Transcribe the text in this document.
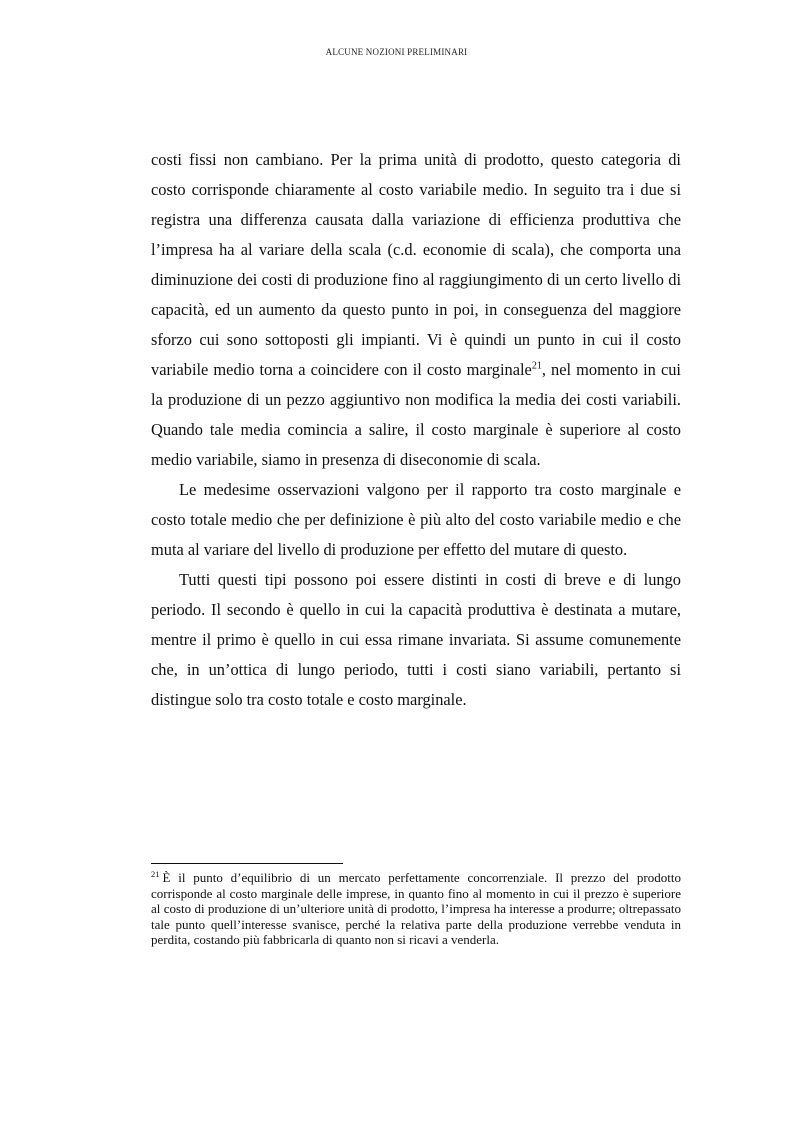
ALCUNE NOZIONI PRELIMINARI

costi fissi non cambiano. Per la prima unità di prodotto, questo categoria di costo corrisponde chiaramente al costo variabile medio. In seguito tra i due si registra una differenza causata dalla variazione di efficienza produttiva che l’impresa ha al variare della scala (c.d. economie di scala), che comporta una diminuzione dei costi di produzione fino al raggiungimento di un certo livello di capacità, ed un aumento da questo punto in poi, in conseguenza del maggiore sforzo cui sono sottoposti gli impianti. Vi è quindi un punto in cui il costo variabile medio torna a coincidere con il costo marginale$^{21}$, nel momento in cui la produzione di un pezzo aggiuntivo non modifica la media dei costi variabili. Quando tale media comincia a salire, il costo marginale è superiore al costo medio variabile, siamo in presenza di diseconomie di scala.

Le medesime osservazioni valgono per il rapporto tra costo marginale e costo totale medio che per definizione è più alto del costo variabile medio e che muta al variare del livello di produzione per effetto del mutare di questo.

Tutti questi tipi possono poi essere distinti in costi di breve e di lungo periodo. Il secondo è quello in cui la capacità produttiva è destinata a mutare, mentre il primo è quello in cui essa rimane invariata. Si assume comunemente che, in un’ottica di lungo periodo, tutti i costi siano variabili, pertanto si distingue solo tra costo totale e costo marginale.

$^{21}$ È il punto d’equilibrio di un mercato perfettamente concorrenziale. Il prezzo del prodotto corrisponde al costo marginale delle imprese, in quanto fino al momento in cui il prezzo è superiore al costo di produzione di un’ulteriore unità di prodotto, l’impresa ha interesse a produrre; oltrepassato tale punto quell’interesse svanisce, perché la relativa parte della produzione verrebbe venduta in perdita, costando più fabbricarla di quanto non si ricavi a venderla.
